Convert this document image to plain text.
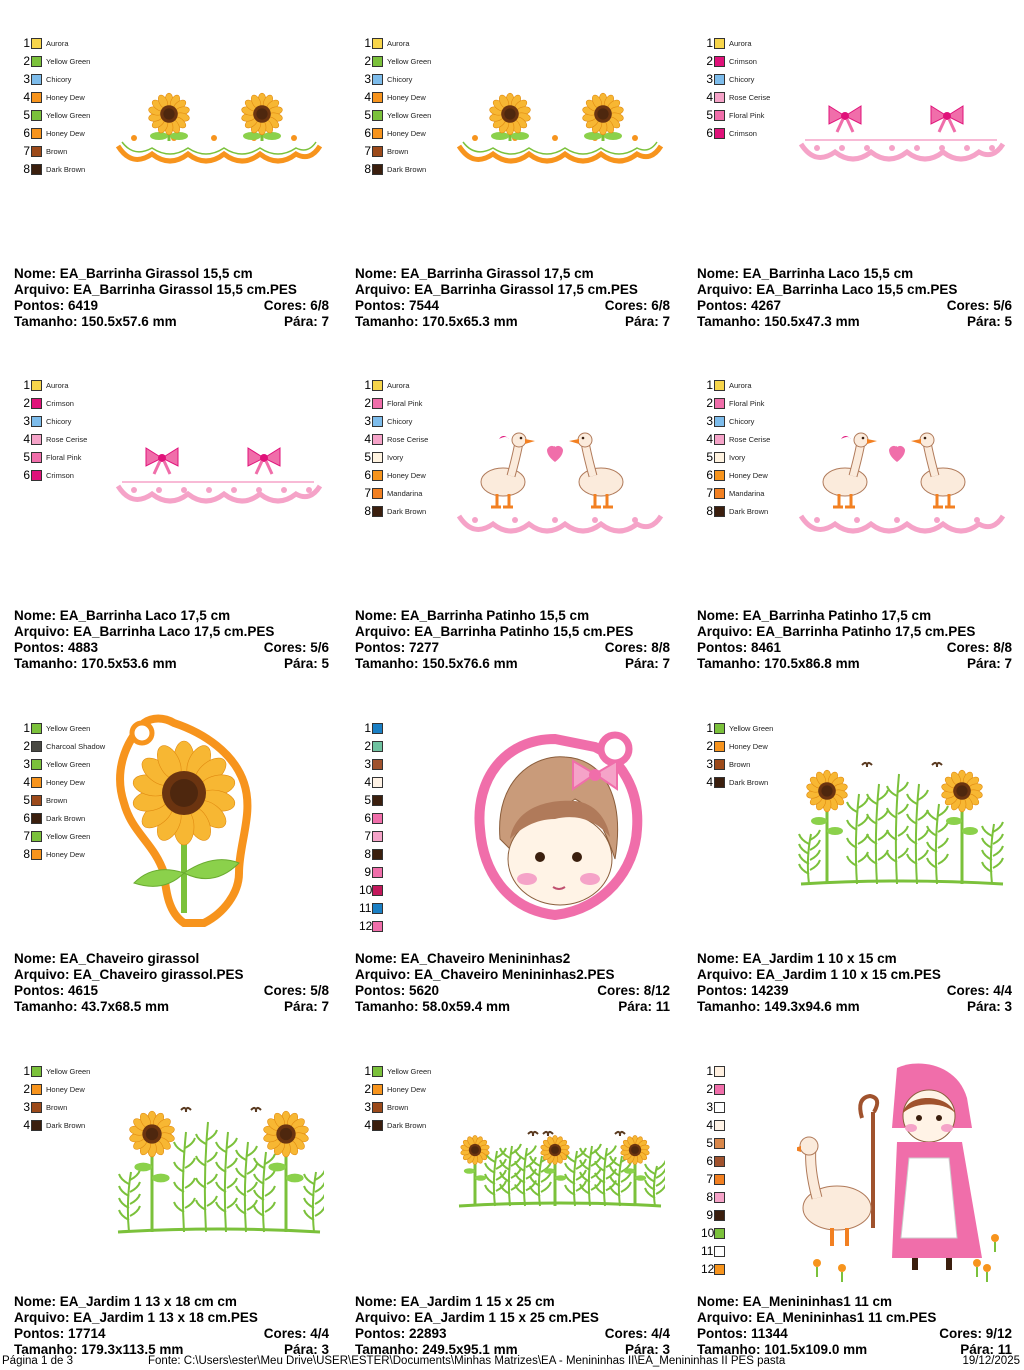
1 Aurora
2 Yellow Green
3 Chicory
4 Honey Dew
5 Yellow Green
6 Honey Dew
7 Brown
8 Dark Brown
Nome: EA_Barrinha Girassol 15,5 cm
Arquivo: EA_Barrinha Girassol 15,5 cm.PES
Pontos: 6419	Cores: 6/8
Tamanho: 150.5x57.6 mm	Pára: 7
1 Aurora
2 Yellow Green
3 Chicory
4 Honey Dew
5 Yellow Green
6 Honey Dew
7 Brown
8 Dark Brown
Nome: EA_Barrinha Girassol 17,5 cm
Arquivo: EA_Barrinha Girassol 17,5 cm.PES
Pontos: 7544	Cores: 6/8
Tamanho: 170.5x65.3 mm	Pára: 7
1 Aurora
2 Crimson
3 Chicory
4 Rose Cerise
5 Floral Pink
6 Crimson
Nome: EA_Barrinha Laco 15,5 cm
Arquivo: EA_Barrinha Laco 15,5 cm.PES
Pontos: 4267	Cores: 5/6
Tamanho: 150.5x47.3 mm	Pára: 5
1 Aurora
2 Crimson
3 Chicory
4 Rose Cerise
5 Floral Pink
6 Crimson
Nome: EA_Barrinha Laco 17,5 cm
Arquivo: EA_Barrinha Laco 17,5 cm.PES
Pontos: 4883	Cores: 5/6
Tamanho: 170.5x53.6 mm	Pára: 5
1 Aurora
2 Floral Pink
3 Chicory
4 Rose Cerise
5 Ivory
6 Honey Dew
7 Mandarina
8 Dark Brown
Nome: EA_Barrinha Patinho 15,5 cm
Arquivo: EA_Barrinha Patinho 15,5 cm.PES
Pontos: 7277	Cores: 8/8
Tamanho: 150.5x76.6 mm	Pára: 7
1 Aurora
2 Floral Pink
3 Chicory
4 Rose Cerise
5 Ivory
6 Honey Dew
7 Mandarina
8 Dark Brown
Nome: EA_Barrinha Patinho 17,5 cm
Arquivo: EA_Barrinha Patinho 17,5 cm.PES
Pontos: 8461	Cores: 8/8
Tamanho: 170.5x86.8 mm	Pára: 7
1 Yellow Green
2 Charcoal Shadow
3 Yellow Green
4 Honey Dew
5 Brown
6 Dark Brown
7 Yellow Green
8 Honey Dew
Nome: EA_Chaveiro girassol
Arquivo: EA_Chaveiro girassol.PES
Pontos: 4615	Cores: 5/8
Tamanho: 43.7x68.5 mm	Pára: 7
1
2
3
4
5
6
7
8
9
10
11
12
Nome: EA_Chaveiro Menininhas2
Arquivo: EA_Chaveiro Menininhas2.PES
Pontos: 5620	Cores: 8/12
Tamanho: 58.0x59.4 mm	Pára: 11
1 Yellow Green
2 Honey Dew
3 Brown
4 Dark Brown
Nome: EA_Jardim 1 10 x 15 cm
Arquivo: EA_Jardim 1 10 x 15 cm.PES
Pontos: 14239	Cores: 4/4
Tamanho: 149.3x94.6 mm	Pára: 3
1 Yellow Green
2 Honey Dew
3 Brown
4 Dark Brown
Nome: EA_Jardim 1 13 x 18 cm cm
Arquivo: EA_Jardim 1 13 x 18 cm.PES
Pontos: 17714	Cores: 4/4
Tamanho: 179.3x113.5 mm	Pára: 3
1 Yellow Green
2 Honey Dew
3 Brown
4 Dark Brown
Nome: EA_Jardim 1 15 x 25 cm
Arquivo: EA_Jardim 1 15 x 25 cm.PES
Pontos: 22893	Cores: 4/4
Tamanho: 249.5x95.1 mm	Pára: 3
1
2
3
4
5
6
7
8
9
10
11
12
Nome: EA_Menininhas1 11 cm
Arquivo: EA_Menininhas1 11 cm.PES
Pontos: 11344	Cores: 9/12
Tamanho: 101.5x109.0 mm	Pára: 11
Página 1 de 3	Fonte: C:\Users\ester\Meu Drive\USER\ESTER\Documents\Minhas Matrizes\EA - Menininhas II\EA_Menininhas II PES pasta	19/12/2025
